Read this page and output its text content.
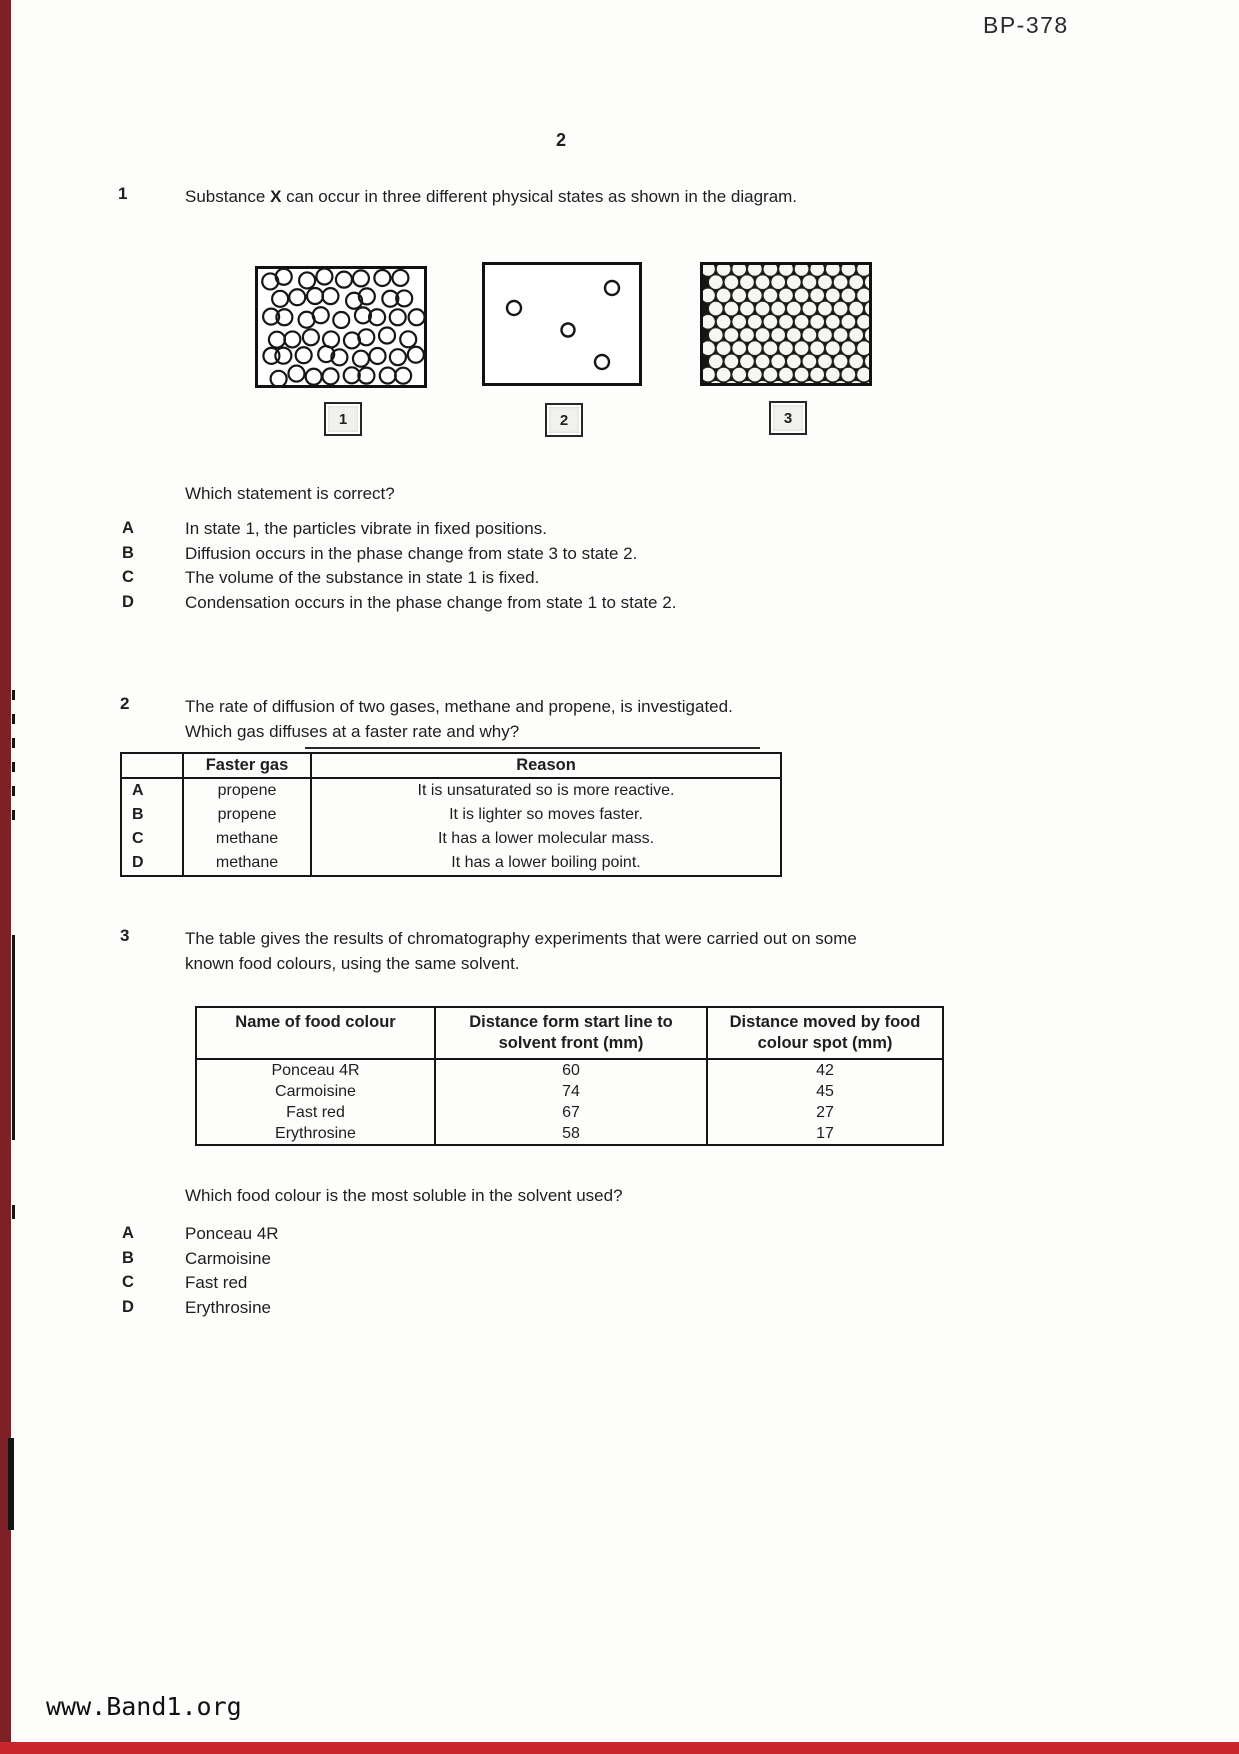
BP-378
2
1	Substance X can occur in three different physical states as shown in the diagram.
1	2	3
Which statement is correct?
A	In state 1, the particles vibrate in fixed positions.
B	Diffusion occurs in the phase change from state 3 to state 2.
C	The volume of the substance in state 1 is fixed.
D	Condensation occurs in the phase change from state 1 to state 2.
2	The rate of diffusion of two gases, methane and propene, is investigated.
Which gas diffuses at a faster rate and why?
	Faster gas	Reason
A	propene	It is unsaturated so is more reactive.
B	propene	It is lighter so moves faster.
C	methane	It has a lower molecular mass.
D	methane	It has a lower boiling point.
3	The table gives the results of chromatography experiments that were carried out on some
known food colours, using the same solvent.
Name of food colour	Distance form start line to solvent front (mm)	Distance moved by food colour spot (mm)
Ponceau 4R	60	42
Carmoisine	74	45
Fast red	67	27
Erythrosine	58	17
Which food colour is the most soluble in the solvent used?
A	Ponceau 4R
B	Carmoisine
C	Fast red
D	Erythrosine
www.Band1.org
